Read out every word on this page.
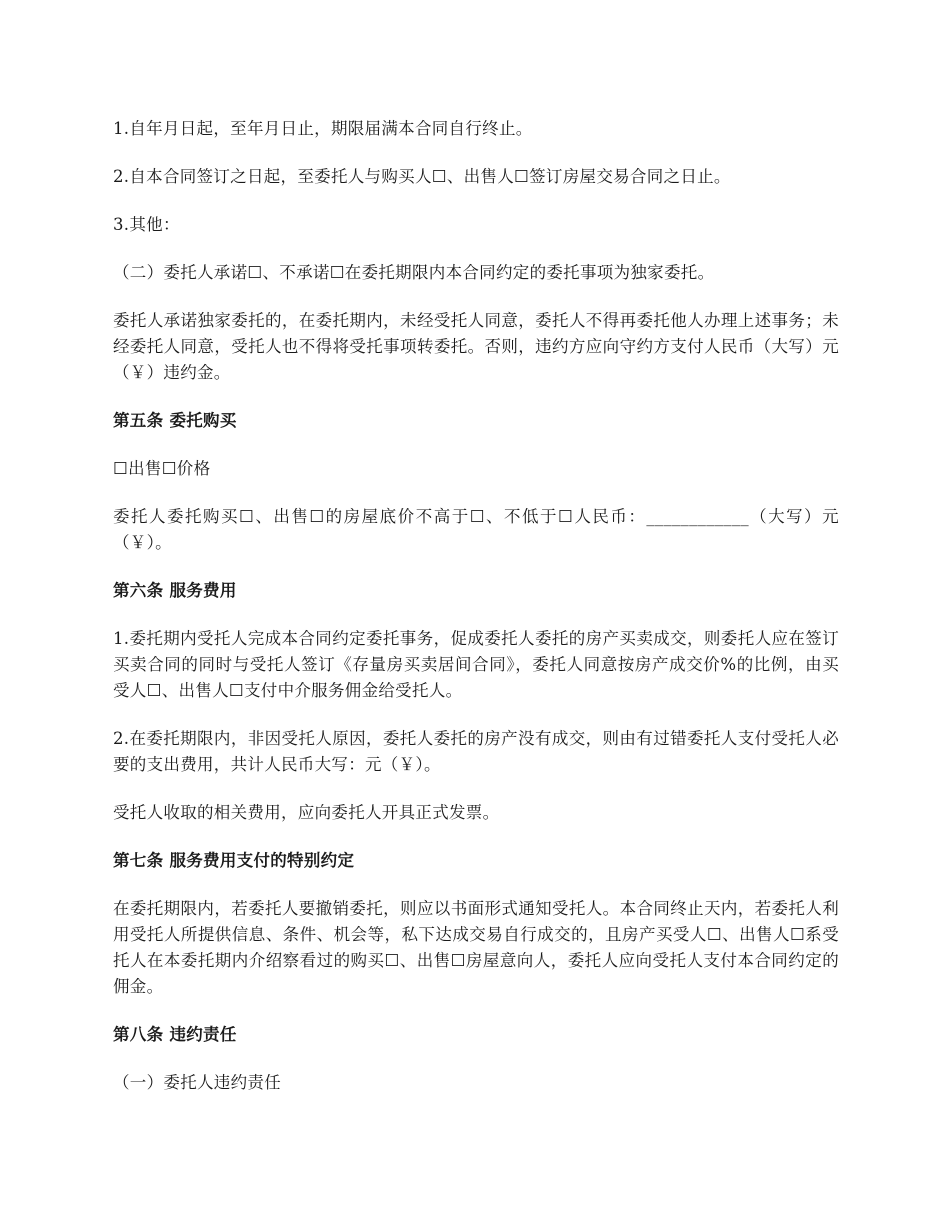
1.自年月日起，至年月日止，期限届满本合同自行终止。

2.自本合同签订之日起，至委托人与购买人☐、出售人☐签订房屋交易合同之日止。

3.其他：

（二）委托人承诺☐、不承诺☐在委托期限内本合同约定的委托事项为独家委托。

委托人承诺独家委托的，在委托期内，未经受托人同意，委托人不得再委托他人办理上述事务；未经委托人同意，受托人也不得将受托事项转委托。否则，违约方应向守约方支付人民币（大写）元（￥）违约金。

第五条 委托购买

☐出售☐价格

委托人委托购买☐、出售☐的房屋底价不高于☐、不低于☐人民币：____________（大写）元（￥）。

第六条 服务费用

1.委托期内受托人完成本合同约定委托事务，促成委托人委托的房产买卖成交，则委托人应在签订买卖合同的同时与受托人签订《存量房买卖居间合同》，委托人同意按房产成交价%的比例，由买受人☐、出售人☐支付中介服务佣金给受托人。

2.在委托期限内，非因受托人原因，委托人委托的房产没有成交，则由有过错委托人支付受托人必要的支出费用，共计人民币大写：元（￥）。

受托人收取的相关费用，应向委托人开具正式发票。

第七条 服务费用支付的特别约定

在委托期限内，若委托人要撤销委托，则应以书面形式通知受托人。本合同终止天内，若委托人利用受托人所提供信息、条件、机会等，私下达成交易自行成交的，且房产买受人☐、出售人☐系受托人在本委托期内介绍察看过的购买☐、出售☐房屋意向人，委托人应向受托人支付本合同约定的佣金。

第八条 违约责任

（一）委托人违约责任
